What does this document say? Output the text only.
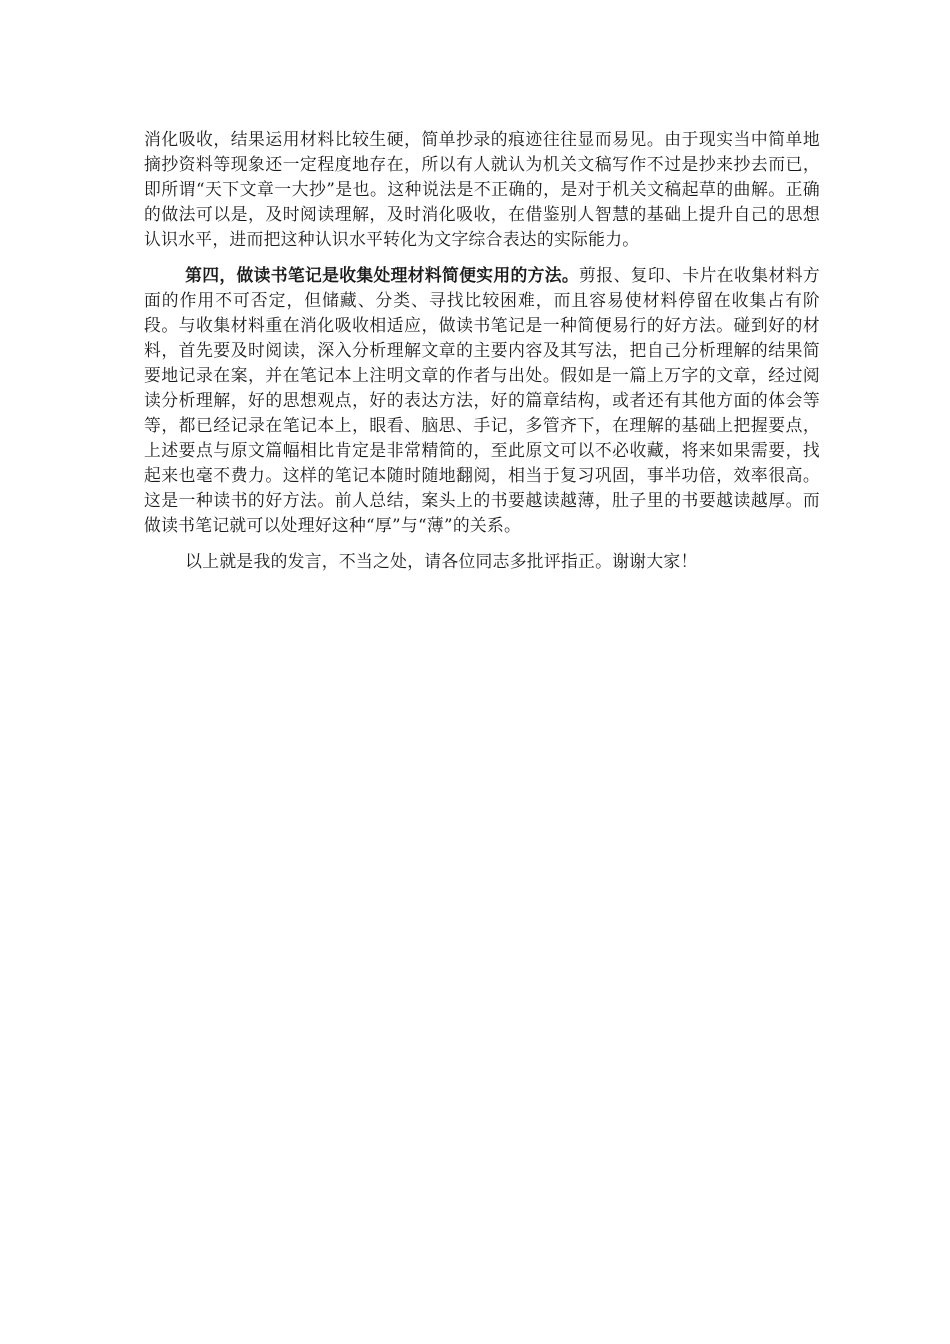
消化吸收，结果运用材料比较生硬，简单抄录的痕迹往往显而易见。由于现实当中简单地摘抄资料等现象还一定程度地存在，所以有人就认为机关文稿写作不过是抄来抄去而已，即所谓“天下文章一大抄”是也。这种说法是不正确的，是对于机关文稿起草的曲解。正确的做法可以是，及时阅读理解，及时消化吸收，在借鉴别人智慧的基础上提升自己的思想认识水平，进而把这种认识水平转化为文字综合表达的实际能力。

第四，做读书笔记是收集处理材料简便实用的方法。剪报、复印、卡片在收集材料方面的作用不可否定，但储藏、分类、寻找比较困难，而且容易使材料停留在收集占有阶段。与收集材料重在消化吸收相适应，做读书笔记是一种简便易行的好方法。碰到好的材料，首先要及时阅读，深入分析理解文章的主要内容及其写法，把自己分析理解的结果简要地记录在案，并在笔记本上注明文章的作者与出处。假如是一篇上万字的文章，经过阅读分析理解，好的思想观点，好的表达方法，好的篇章结构，或者还有其他方面的体会等等，都已经记录在笔记本上，眼看、脑思、手记，多管齐下，在理解的基础上把握要点，上述要点与原文篇幅相比肯定是非常精简的，至此原文可以不必收藏，将来如果需要，找起来也毫不费力。这样的笔记本随时随地翻阅，相当于复习巩固，事半功倍，效率很高。这是一种读书的好方法。前人总结，案头上的书要越读越薄，肚子里的书要越读越厚。而做读书笔记就可以处理好这种“厚”与“薄”的关系。

以上就是我的发言，不当之处，请各位同志多批评指正。谢谢大家！
